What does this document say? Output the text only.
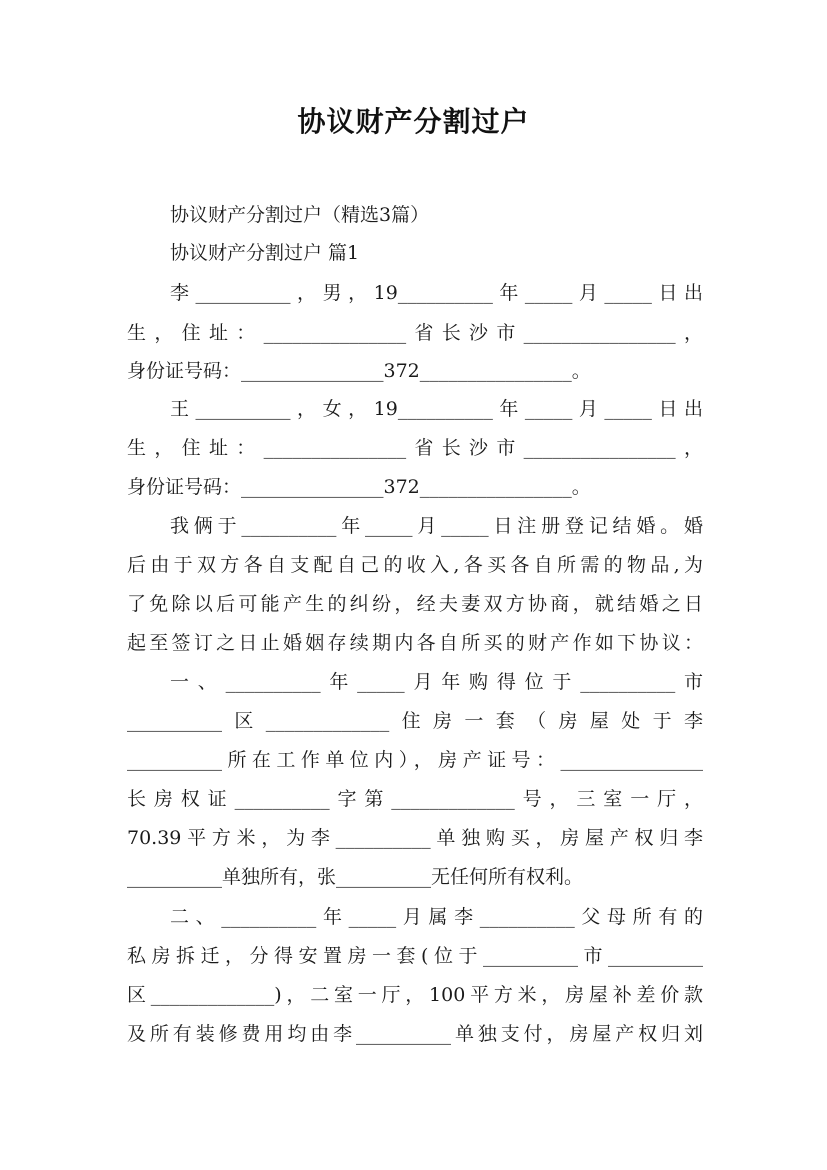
协议财产分割过户
协议财产分割过户（精选3篇）
协议财产分割过户 篇1
李__________，男，19__________年_____月_____日出
生，住址：_______________省长沙市________________，
身份证号码：_______________372________________。
王__________，女，19__________年_____月_____日出
生，住址：_______________省长沙市________________，
身份证号码：_______________372________________。
我俩于__________年_____月_____日注册登记结婚。婚
后由于双方各自支配自己的收入,各买各自所需的物品,为
了免除以后可能产生的纠纷，经夫妻双方协商，就结婚之日
起至签订之日止婚姻存续期内各自所买的财产作如下协议：
一、__________年_____月年购得位于__________市
__________区_____________住房一套（房屋处于李
__________所在工作单位内），房产证号：_______________
长房权证__________字第_____________号，三室一厅，
70.39平方米，为李__________单独购买，房屋产权归李
__________单独所有，张__________无任何所有权利。
二、__________年_____月属李__________父母所有的
私房拆迁，分得安置房一套(位于__________市__________
区_____________)，二室一厅，100平方米，房屋补差价款
及所有装修费用均由李__________单独支付，房屋产权归刘
